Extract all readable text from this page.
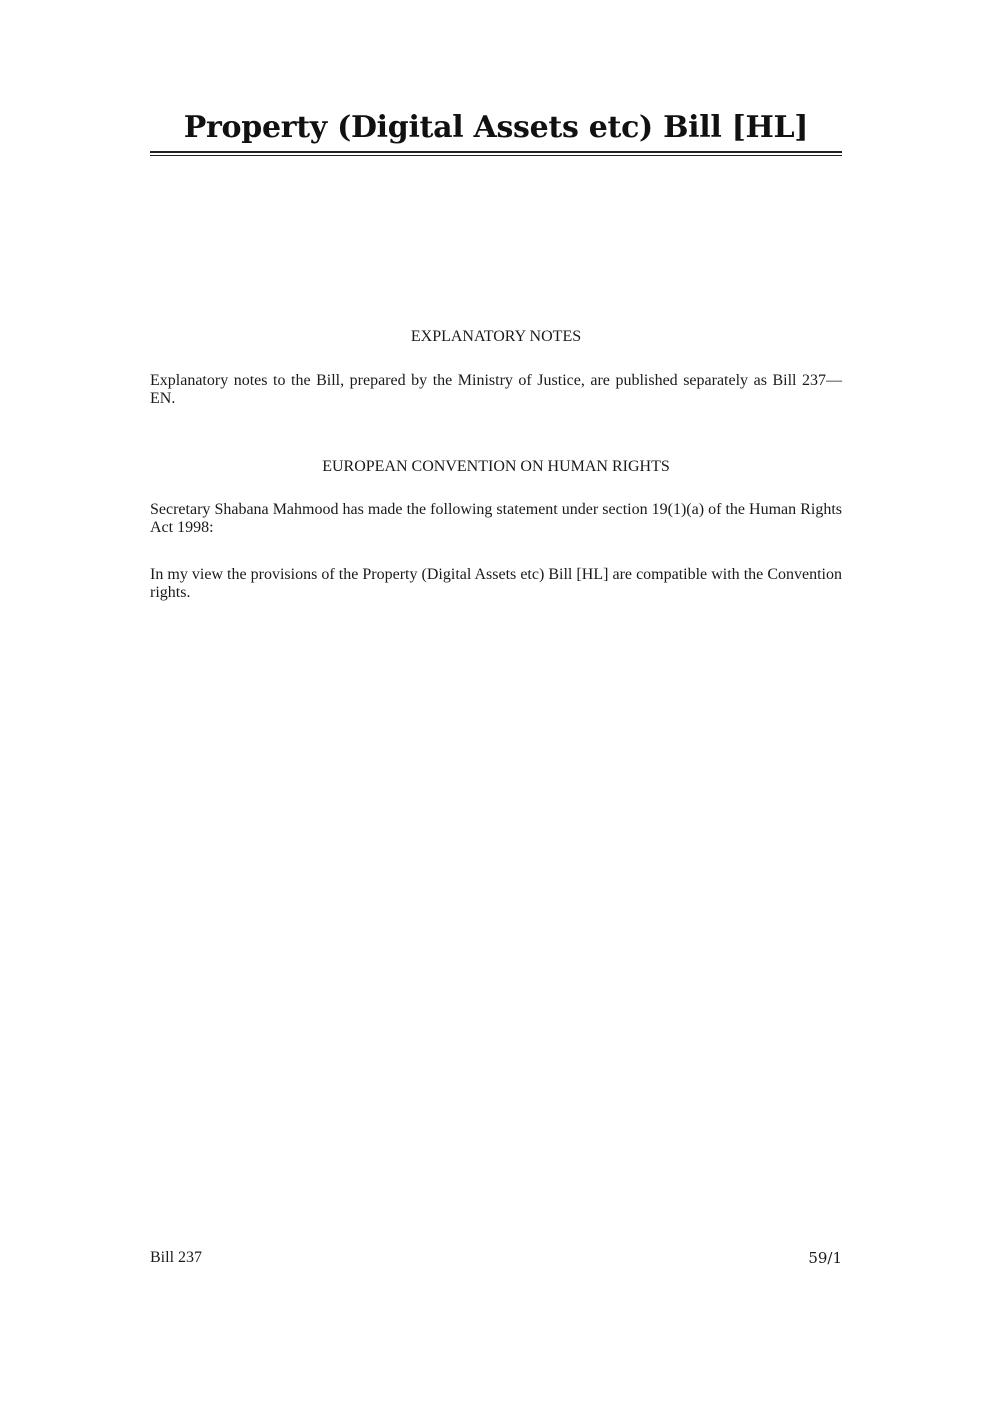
Property (Digital Assets etc) Bill [HL]
EXPLANATORY NOTES

Explanatory notes to the Bill, prepared by the Ministry of Justice, are published separately as Bill 237—EN.

EUROPEAN CONVENTION ON HUMAN RIGHTS

Secretary Shabana Mahmood has made the following statement under section 19(1)(a) of the Human Rights Act 1998:

In my view the provisions of the Property (Digital Assets etc) Bill [HL] are compatible with the Convention rights.

Bill 237	59/1
